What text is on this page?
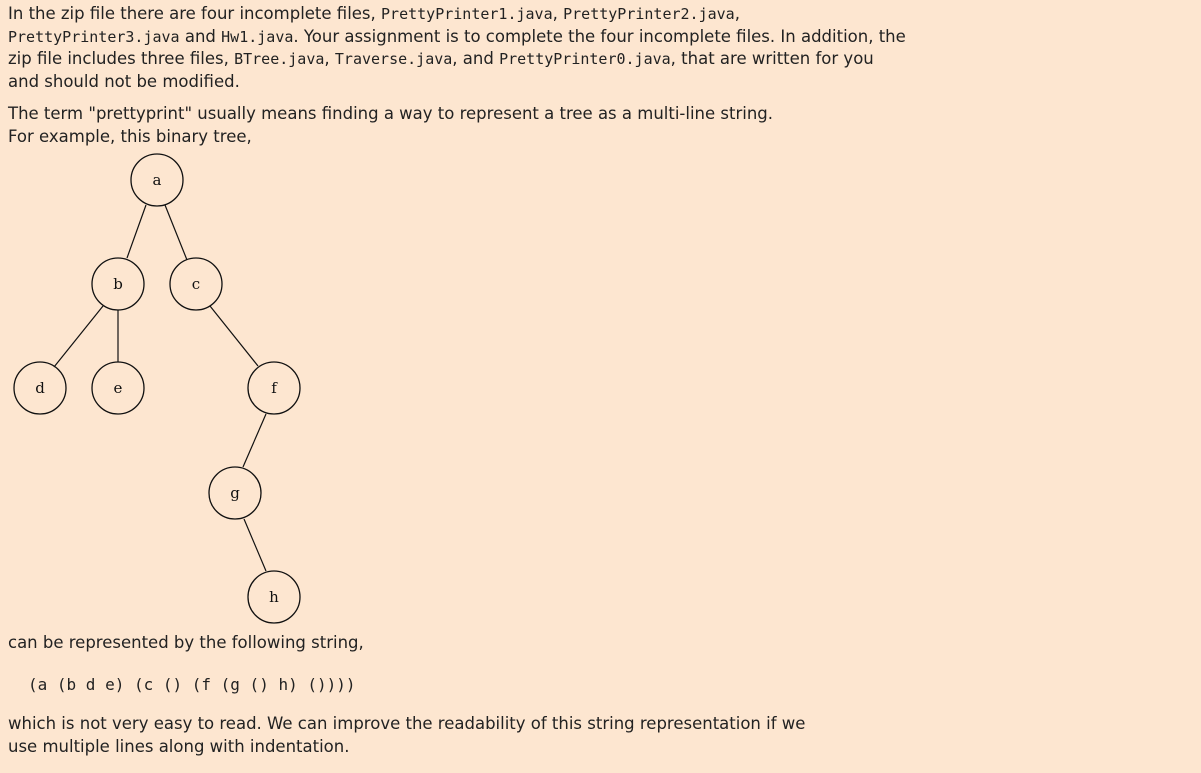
In the zip file there are four incomplete files, PrettyPrinter1.java, PrettyPrinter2.java,
PrettyPrinter3.java and Hw1.java. Your assignment is to complete the four incomplete files. In addition, the zip file includes three files, BTree.java, Traverse.java, and PrettyPrinter0.java, that are written for you and should not be modified.

The term "prettyprint" usually means finding a way to represent a tree as a multi-line string.
For example, this binary tree,

a
b	c
d	e	f
g
h

can be represented by the following string,

(a (b d e) (c () (f (g () h) ())))

which is not very easy to read. We can improve the readability of this string representation if we
use multiple lines along with indentation.
